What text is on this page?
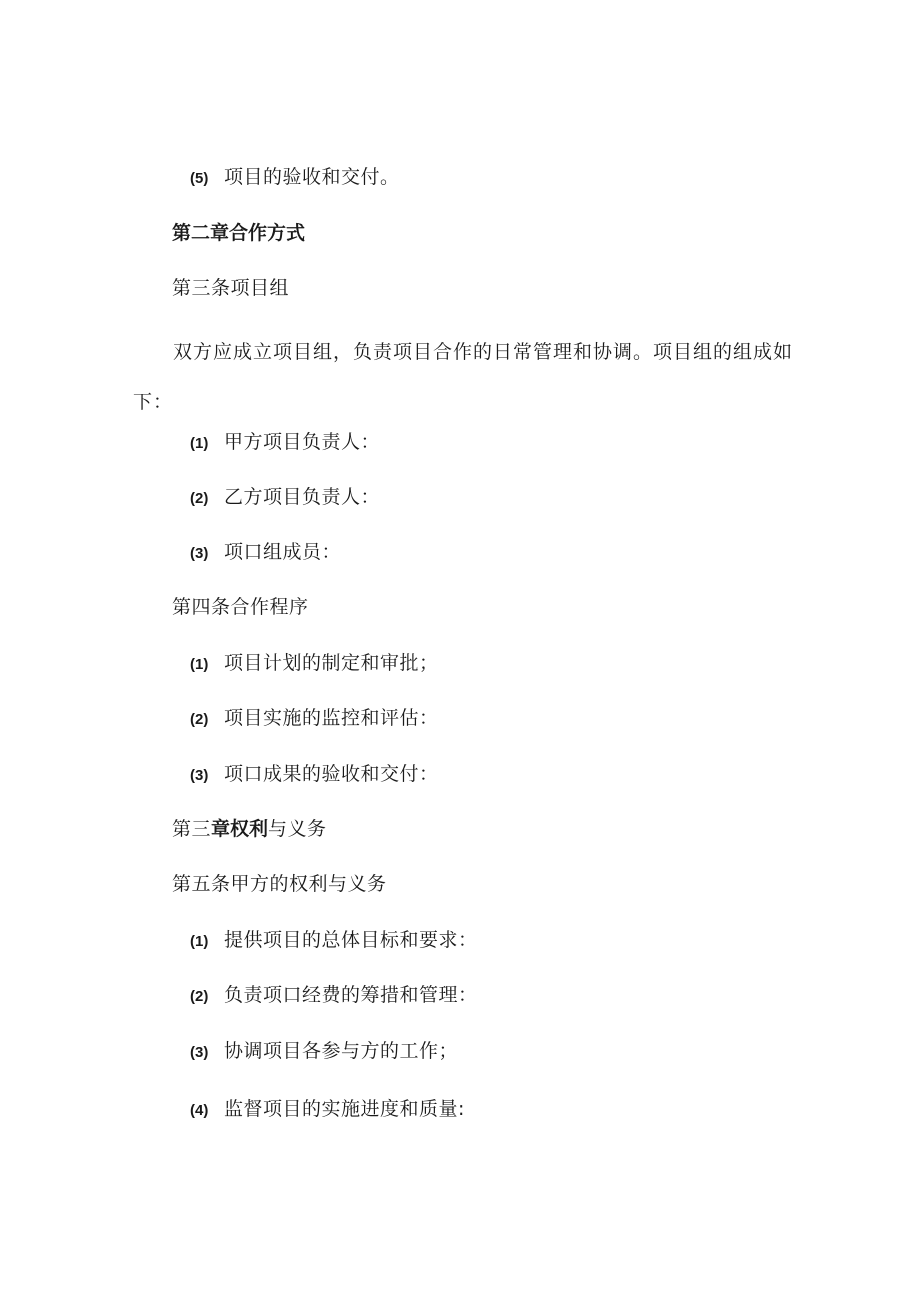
(5) 项目的验收和交付。
第二章合作方式
第三条项目组
双方应成立项目组，负责项目合作的日常管理和协调。项目组的组成如下：
(1) 甲方项目负责人：
(2) 乙方项目负责人：
(3) 项口组成员：
第四条合作程序
(1) 项目计划的制定和审批；
(2) 项目实施的监控和评估：
(3) 项口成果的验收和交付：
第三章权利与义务
第五条甲方的权利与义务
(1) 提供项目的总体目标和要求：
(2) 负责项口经费的筹措和管理：
(3) 协调项目各参与方的工作；
(4) 监督项目的实施进度和质量:
